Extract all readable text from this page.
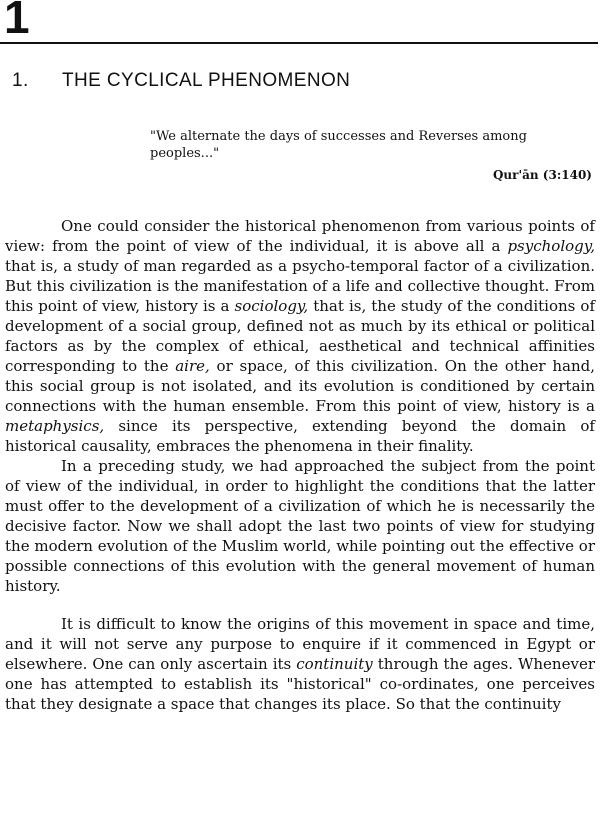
1
1. THE CYCLICAL PHENOMENON

"We alternate the days of successes and Reverses among peoples..."

Qur'ān (3:140)

One could consider the historical phenomenon from various points of view: from the point of view of the individual, it is above all a psychology, that is, a study of man regarded as a psycho-temporal factor of a civilization. But this civilization is the manifestation of a life and collective thought. From this point of view, history is a sociology, that is, the study of the conditions of development of a social group, defined not as much by its ethical or political factors as by the complex of ethical, aesthetical and technical affinities corresponding to the aire, or space, of this civilization. On the other hand, this social group is not isolated, and its evolution is conditioned by certain connections with the human ensemble. From this point of view, history is a metaphysics, since its perspective, extending beyond the domain of historical causality, embraces the phenomena in their finality.

In a preceding study, we had approached the subject from the point of view of the individual, in order to highlight the conditions that the latter must offer to the development of a civilization of which he is necessarily the decisive factor. Now we shall adopt the last two points of view for studying the modern evolution of the Muslim world, while pointing out the effective or possible connections of this evolution with the general movement of human history.

It is difficult to know the origins of this movement in space and time, and it will not serve any purpose to enquire if it commenced in Egypt or elsewhere. One can only ascertain its continuity through the ages. Whenever one has attempted to establish its "historical" co-ordinates, one perceives that they designate a space that changes its place. So that the continuity
